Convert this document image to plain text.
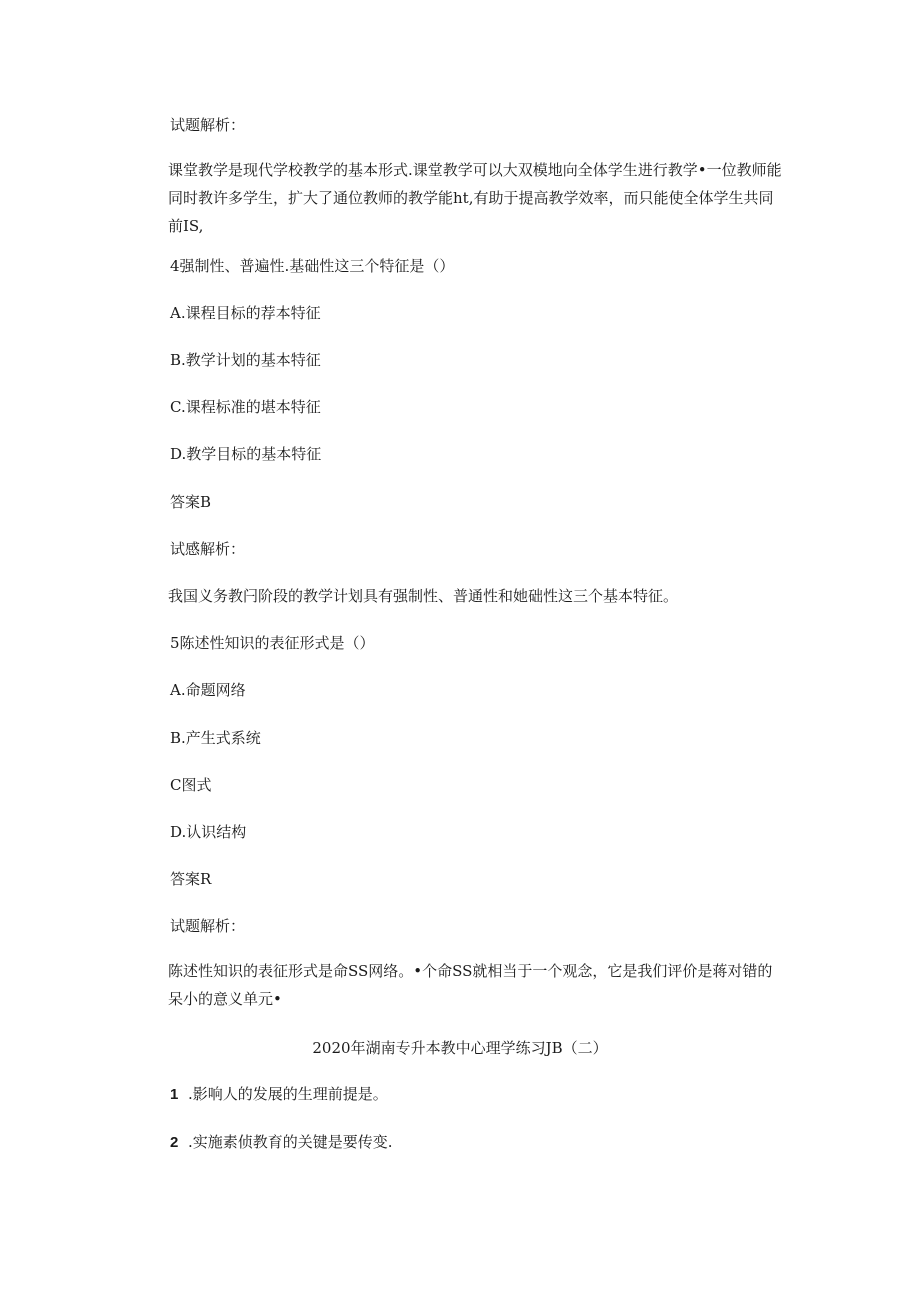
试题解析：
课堂教学是现代学校教学的基本形式.课堂教学可以大双模地向全体学生进行教学•一位教师能同时教许多学生，扩大了通位教师的教学能ht,有助于提高教学效率，而只能使全体学生共同前IS,
4强制性、普遍性.基础性这三个特征是（）
A.课程目标的荐本特征
B.教学计划的基本特征
C.课程标准的堪本特征
D.教学目标的基本特征
答案B
试感解析：
我国义务教闩阶段的教学计划具有强制性、普通性和她础性这三个基本特征。
5陈述性知识的表征形式是（）
A.命题网络
B.产生式系统
C图式
D.认识结构
答案R
试题解析：
陈述性知识的表征形式是命SS网络。•个命SS就相当于一个观念，它是我们评价是蒋对错的呆小的意义单元•
2020年湖南专升本教中心理学练习JB（二）
1 .影响人的发展的生理前提是。
2 .实施素侦教育的关键是要传变.
